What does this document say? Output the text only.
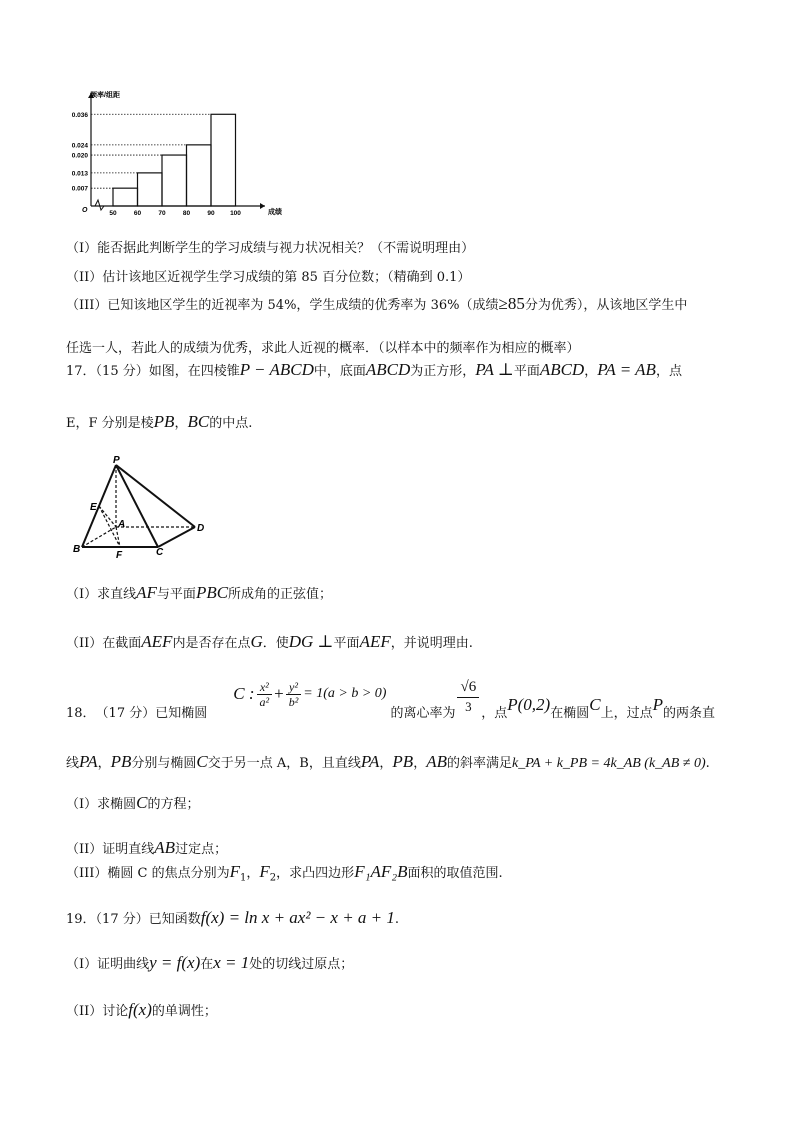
0.036
0.024
0.020
0.013
0.007
50	60	70	80	90 100
频率/组距
成绩
O
（I）能否据此判断学生的学习成绩与视力状况相关？（不需说明理由）
（II）估计该地区近视学生学习成绩的第 85 百分位数；（精确到 0.1）
（III）已知该地区学生的近视率为 54%，学生成绩的优秀率为 36%（成绩≥85分为优秀），从该地区学生中
任选一人，若此人的成绩为优秀，求此人近视的概率．（以样本中的频率作为相应的概率）
17．（15 分）如图，在四棱锥P − ABCD中，底面ABCD为正方形，PA ⊥平面ABCD，PA = AB，点
E，F 分别是棱PB，BC的中点.
P
E
A	D
B
F	C
（I）求直线AF与平面PBC所成角的正弦值；
（II）在截面AEF内是否存在点G．使DG ⊥平面AEF，并说明理由.
18． （17 分）已知椭圆
C : $\frac{\text{x²}}{\text{a²}} + \frac{\text{y²}}{\text{b²}} = 1(a > b > 0)$
的离心率为 $\frac{√6}{3}$ ，点 P(0,2) 在椭圆 C 上，过点 P 的两条直
线PA，PB分别与椭圆C交于另一点 A，B，且直线PA，PB，AB的斜率满足k_PA + k_PB = 4k_AB (k_AB ≠ 0).
（I）求椭圆C的方程；
（II）证明直线AB过定点；
（III）椭圆 C 的焦点分别为$F_1$，$F_2$，求凸四边形F₁AF₂B面积的取值范围.
19．（17 分）已知函数f(x) = ln x + ax² − x + a + 1.
（I）证明曲线y = f(x)在x = 1处的切线过原点；
（II）讨论f(x)的单调性；
